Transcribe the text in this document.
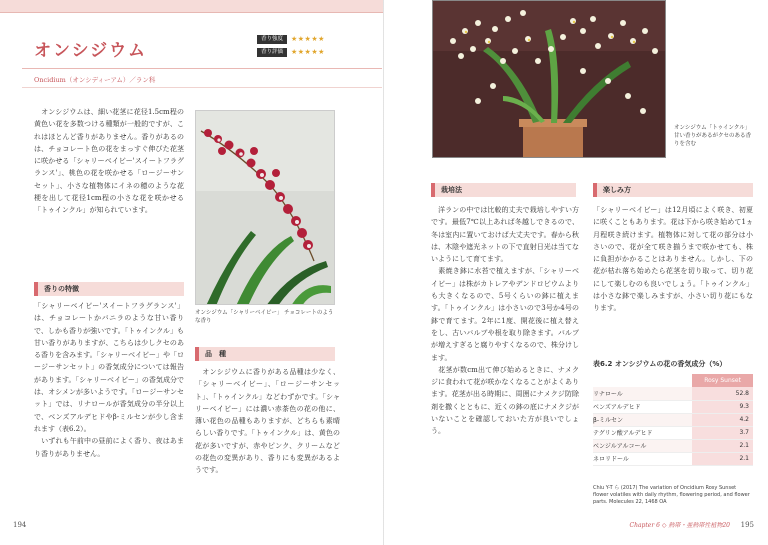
オンシジウム
香り強度	★★★★★
香り評価	★★★★★
Oncidium（オンシディーアム）／ラン科
　オンシジウムは、細い花茎に花径1.5cm程の黄色い花を多数つける種類が一般的ですが、これはほとんど香りがありません。香りがあるのは、チョコレート色の花をまっすぐ伸びた花茎に咲かせる「シャリーベイビー'スイートフラグランス'」、桃色の花を咲かせる「ロージーサンセット」、小さな植物体にイネの穂のような花梗を出して花径1cm程の小さな花を咲かせる「トゥインクル」が知られています。
香りの特徴
「シャリーベイビー'スイートフラグランス'」は、チョコレートかバニラのような甘い香りで、しかも香りが強いです。「トゥインクル」も甘い香りがありますが、こちらは少しクセのある香りを含みます。「シャリーベイビー」や「ロージーサンセット」の香気成分については報告があります。「シャリーベイビー」の香気成分では、オシメンが多いようです。「ロージーサンセット」では、リナロールが香気成分の半分以上で、ベンズアルデヒドやβ-ミルセンが少し含まれます（表6.2）。
　いずれも午前中の昼前によく香り、夜はあまり香りがありません。
オンシジウム「シャリーベイビー」 チョコレートのような香り
品　種
　オンシジウムに香りがある品種は少なく、「シャリーベイビー」、「ロージーサンセット」、「トゥインクル」などわずかです。「シャリーベイビー」には濃い赤茶色の花の他に、薄い花色の品種もありますが、どちらも素晴らしい香りです。「トゥインクル」は、黄色の花が多いですが、赤やピンク、クリームなどの花色の変異があり、香りにも変異があるようです。
194
オンシジウム「トゥインクル」 甘い香りがあるがクセのある香りを含む
栽培法
　洋ランの中では比較的丈夫で栽培しやすい方です。最低7℃以上あれば冬越しできるので、冬は室内に置いておけば大丈夫です。春から秋は、木陰や遮光ネットの下で直射日光は当てないようにして育てます。
　素焼き鉢に水苔で植えますが、「シャリーベイビー」は株がカトレアやデンドロビウムよりも大きくなるので、5号くらいの鉢に植えます。「トゥインクル」は小さいので3号か4号の鉢で育てます。2年に1度、開花後に植え替えをし、古いバルブや根を取り除きます。バルブが増えすぎると腐りやすくなるので、株分けします。
　花茎が数cm出て伸び始めるときに、ナメクジに食われて花が咲かなくなることがよくあります。花茎が出る時期に、周囲にナメクジ防除剤を撒くとともに、近くの鉢の底にナメクジがいないことを確認しておいた方が良いでしょう。
楽しみ方
「シャリーベイビー」は12月頃によく咲き、初夏に咲くこともあります。花は下から咲き始めて1ヵ月程咲き続けます。植物体に対して花の部分は小さいので、花が全て咲き揃うまで咲かせても、株に負担がかかることはありません。しかし、下の花が枯れ落ち始めたら花茎を切り取って、切り花にして楽しむのも良いでしょう。「トゥインクル」は小さな鉢で楽しみますが、小さい切り花にもなります。
表6.2 オンシジウムの花の香気成分（%）
	Rosy Sunset
リナロール	52.8
ベンズアルデヒド	9.3
β-ミルセン	4.2
テグリン酸アルデヒド	3.7
ベンジルアルコール	2.1
ネロリドール	2.1
Chiu Y-T ら (2017) The variation of Oncidium Rosy Sunset flower volatiles with daily rhythm, flowering period, and flower parts. Molecules 22, 1468 OA
Chapter 6 ◇ 熱帯・亜熱帯性植物20 195
